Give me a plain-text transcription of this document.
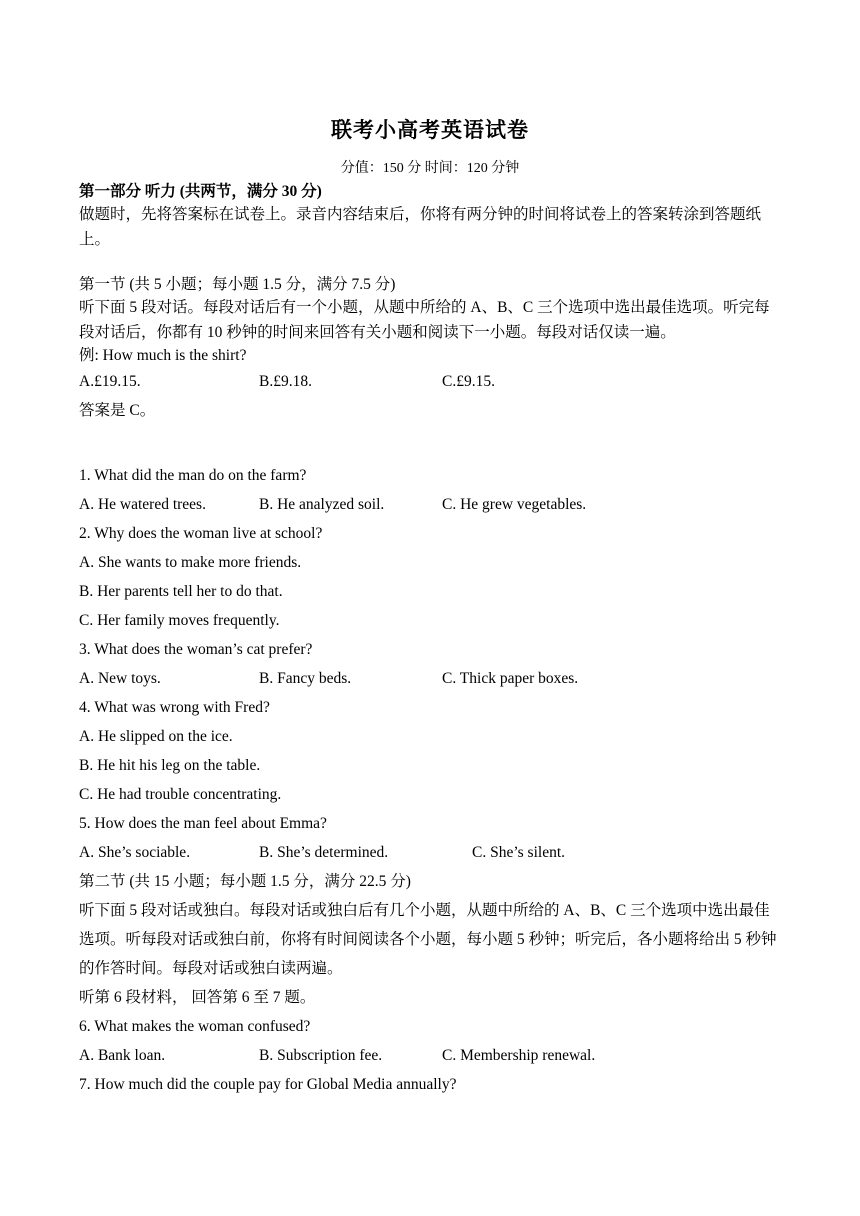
联考小高考英语试卷
分值：150 分 时间：120 分钟

第一部分 听力 (共两节，满分 30 分)

做题时，先将答案标在试卷上。录音内容结束后，你将有两分钟的时间将试卷上的答案转涂到答题纸上。

第一节 (共 5 小题；每小题 1.5 分，满分 7.5 分)

听下面 5 段对话。每段对话后有一个小题，从题中所给的 A、B、C 三个选项中选出最佳选项。听完每段对话后，你都有 10 秒钟的时间来回答有关小题和阅读下一小题。每段对话仅读一遍。

例: How much is the shirt?

A.£19.15.	B.£9.18.	C.£9.15.
答案是 C。
1. What did the man do on the farm?
A. He watered trees.	B. He analyzed soil.	C. He grew vegetables.
2. Why does the woman live at school?
A. She wants to make more friends.
B. Her parents tell her to do that.
C. Her family moves frequently.
3. What does the woman’s cat prefer?
A. New toys.	B. Fancy beds.	C. Thick paper boxes.
4. What was wrong with Fred?
A. He slipped on the ice.
B. He hit his leg on the table.
C. He had trouble concentrating.
5. How does the man feel about Emma?
A. She’s sociable.	B. She’s determined.	C. She’s silent.
第二节 (共 15 小题；每小题 1.5 分，满分 22.5 分)

听下面 5 段对话或独白。每段对话或独白后有几个小题，从题中所给的 A、B、C 三个选项中选出最佳选项。听每段对话或独白前，你将有时间阅读各个小题，每小题 5 秒钟；听完后，各小题将给出 5 秒钟的作答时间。每段对话或独白读两遍。

听第 6 段材料， 回答第 6 至 7 题。
6. What makes the woman confused?
A. Bank loan.	B. Subscription fee.	C. Membership renewal.
7. How much did the couple pay for Global Media annually?
